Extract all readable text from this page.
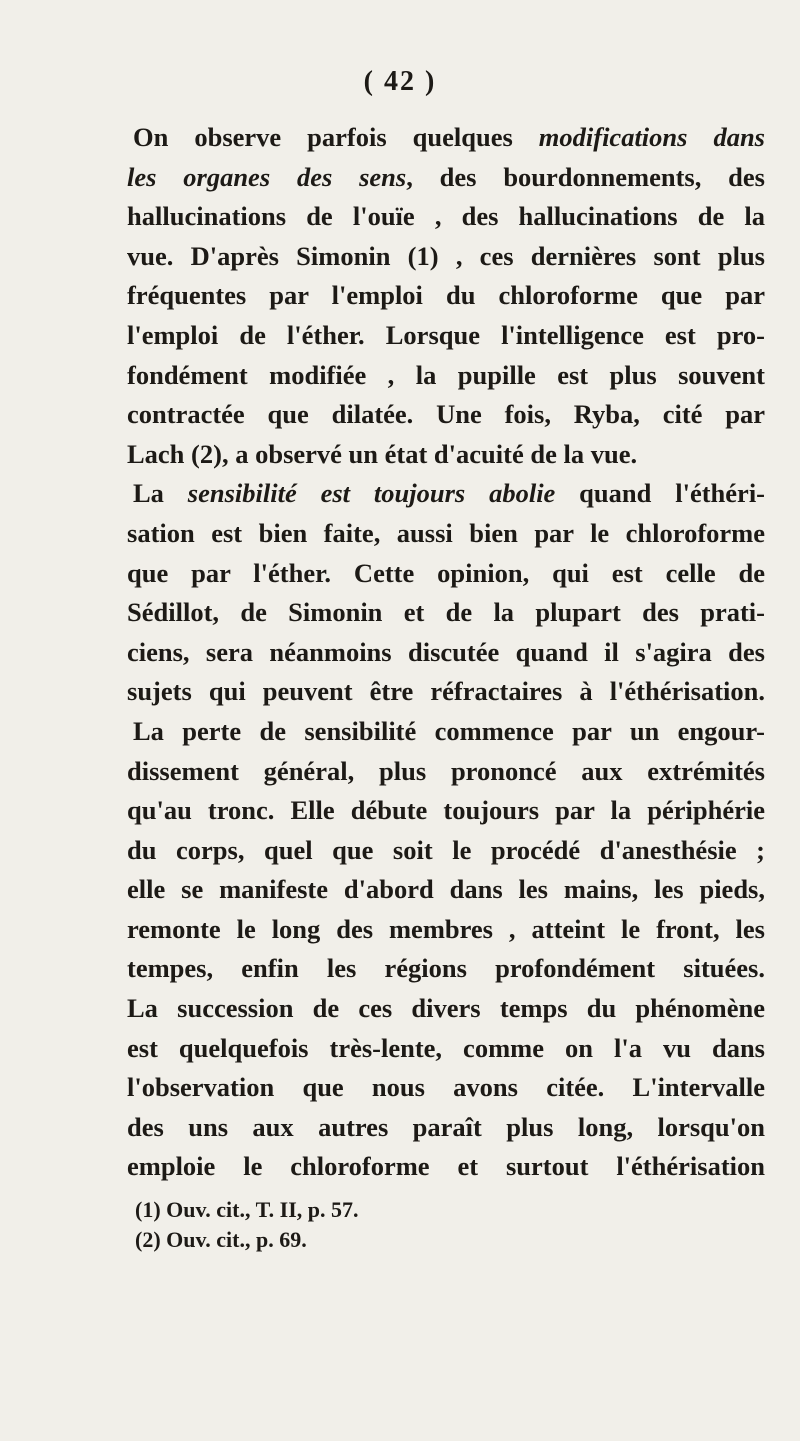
( 42 )
On observe parfois quelques modifications dans
les organes des sens, des bourdonnements, des
hallucinations de l'ouïe , des hallucinations de la
vue. D'après Simonin (1) , ces dernières sont plus
fréquentes par l'emploi du chloroforme que par
l'emploi de l'éther. Lorsque l'intelligence est pro-
fondément modifiée , la pupille est plus souvent
contractée que dilatée. Une fois, Ryba, cité par
Lach (2), a observé un état d'acuité de la vue.
La sensibilité est toujours abolie quand l'éthéri-
sation est bien faite, aussi bien par le chloroforme
que par l'éther. Cette opinion, qui est celle de
Sédillot, de Simonin et de la plupart des prati-
ciens, sera néanmoins discutée quand il s'agira des
sujets qui peuvent être réfractaires à l'éthérisation.
La perte de sensibilité commence par un engour-
dissement général, plus prononcé aux extrémités
qu'au tronc. Elle débute toujours par la périphérie
du corps, quel que soit le procédé d'anesthésie ;
elle se manifeste d'abord dans les mains, les pieds,
remonte le long des membres , atteint le front, les
tempes, enfin les régions profondément situées.
La succession de ces divers temps du phénomène
est quelquefois très-lente, comme on l'a vu dans
l'observation que nous avons citée. L'intervalle
des uns aux autres paraît plus long, lorsqu'on
emploie le chloroforme et surtout l'éthérisation
(1) Ouv. cit., T. II, p. 57.
(2) Ouv. cit., p. 69.
